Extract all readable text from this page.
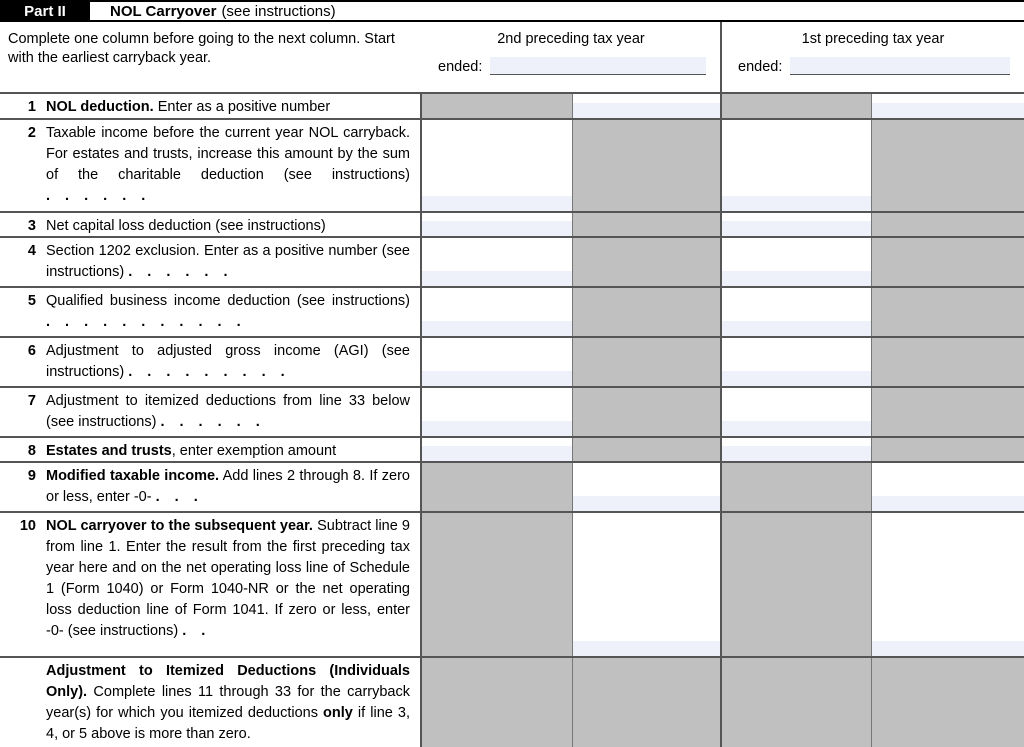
Part II	NOL Carryover (see instructions)
Complete one column before going to the next column. Start with the earliest carryback year.
2nd preceding tax year
ended:
1st preceding tax year
ended:
1 NOL deduction. Enter as a positive number
2 Taxable income before the current year NOL carryback. For estates and trusts, increase this amount by the sum of the charitable deduction (see instructions) . . . . . .
3 Net capital loss deduction (see instructions)
4 Section 1202 exclusion. Enter as a positive number (see instructions) . . . . . .
5 Qualified business income deduction (see instructions) . . . . . . . . . . .
6 Adjustment to adjusted gross income (AGI) (see instructions) . . . . . . . . .
7 Adjustment to itemized deductions from line 33 below (see instructions) . . . . . .
8 Estates and trusts, enter exemption amount
9 Modified taxable income. Add lines 2 through 8. If zero or less, enter -0- . . .
10 NOL carryover to the subsequent year. Subtract line 9 from line 1. Enter the result from the first preceding tax year here and on the net operating loss line of Schedule 1 (Form 1040) or Form 1040-NR or the net operating loss deduction line of Form 1041. If zero or less, enter -0- (see instructions) . .
Adjustment to Itemized Deductions (Individuals Only). Complete lines 11 through 33 for the carryback year(s) for which you itemized deductions only if line 3, 4, or 5 above is more than zero.
